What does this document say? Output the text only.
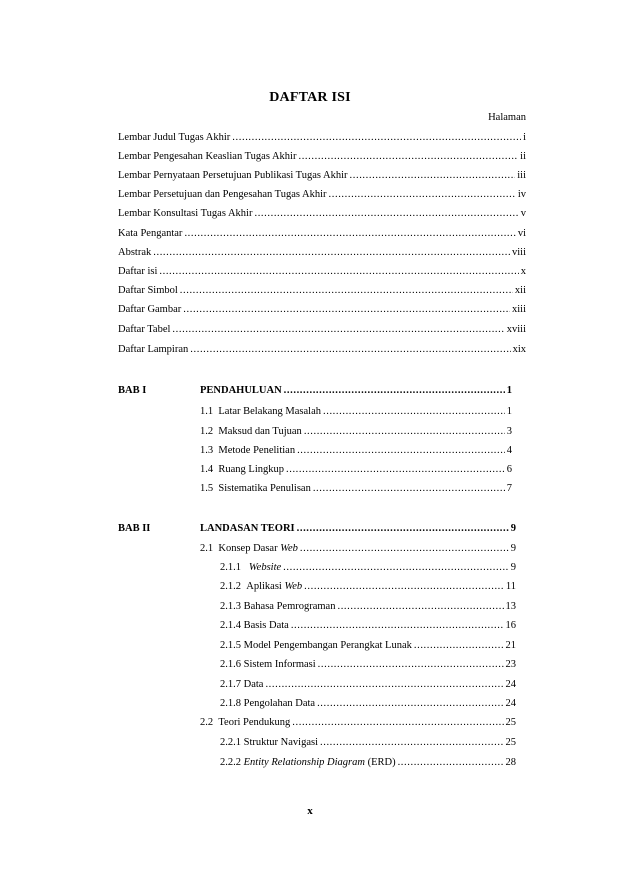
DAFTAR ISI
Halaman
Lembar Judul Tugas Akhir .....	i
Lembar Pengesahan Keaslian Tugas Akhir .....	ii
Lembar Pernyataan Persetujuan Publikasi Tugas Akhir .....	iii
Lembar Persetujuan dan Pengesahan Tugas Akhir .....	iv
Lembar Konsultasi Tugas Akhir .....	v
Kata Pengantar .....	vi
Abstrak .....	viii
Daftar isi .....	x
Daftar Simbol .....	xii
Daftar Gambar .....	xiii
Daftar Tabel .....	xviii
Daftar Lampiran .....	xix
BAB I	PENDAHULUAN .....	1
1.1 Latar Belakang Masalah .....	1
1.2 Maksud dan Tujuan .....	3
1.3 Metode Penelitian .....	4
1.4 Ruang Lingkup .....	6
1.5 Sistematika Penulisan .....	7
BAB II	LANDASAN TEORI .....	9
2.1 Konsep Dasar Web .....	9
2.1.1 Website .....	9
2.1.2 Aplikasi Web .....	11
2.1.3 Bahasa Pemrograman .....	13
2.1.4 Basis Data .....	16
2.1.5 Model Pengembangan Perangkat Lunak .....	21
2.1.6 Sistem Informasi .....	23
2.1.7 Data .....	24
2.1.8 Pengolahan Data .....	24
2.2 Teori Pendukung .....	25
2.2.1 Struktur Navigasi .....	25
2.2.2 Entity Relationship Diagram (ERD) .....	28
x
